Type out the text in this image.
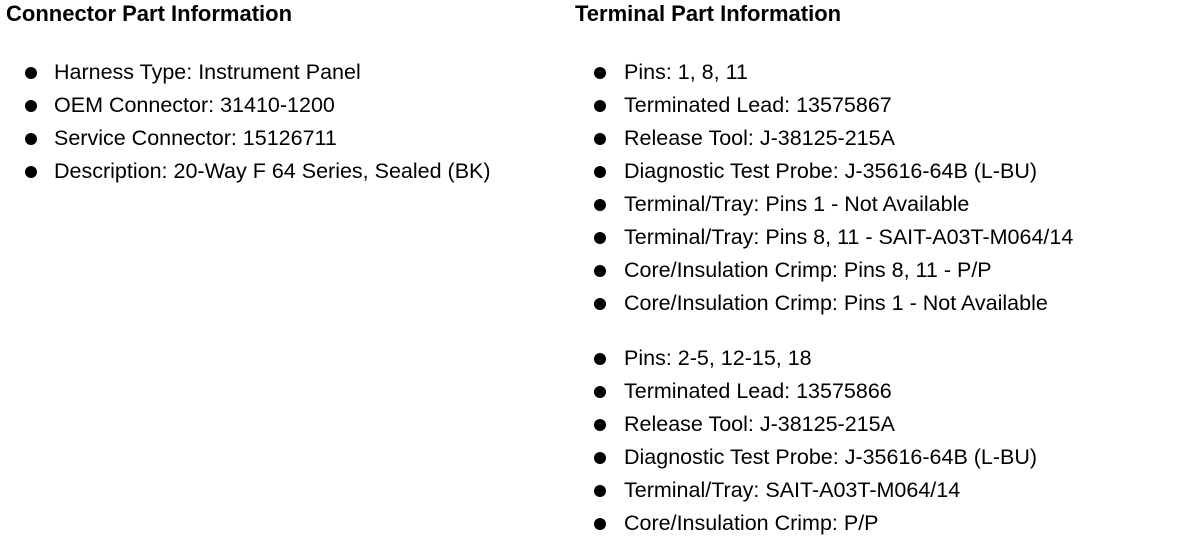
Connector Part Information
Harness Type: Instrument Panel
OEM Connector: 31410-1200
Service Connector: 15126711
Description: 20-Way F 64 Series, Sealed (BK)
Terminal Part Information
Pins: 1, 8, 11
Terminated Lead: 13575867
Release Tool: J-38125-215A
Diagnostic Test Probe: J-35616-64B (L-BU)
Terminal/Tray: Pins 1 - Not Available
Terminal/Tray: Pins 8, 11 - SAIT-A03T-M064/14
Core/Insulation Crimp: Pins 8, 11 - P/P
Core/Insulation Crimp: Pins 1 - Not Available
Pins: 2-5, 12-15, 18
Terminated Lead: 13575866
Release Tool: J-38125-215A
Diagnostic Test Probe: J-35616-64B (L-BU)
Terminal/Tray: SAIT-A03T-M064/14
Core/Insulation Crimp: P/P
